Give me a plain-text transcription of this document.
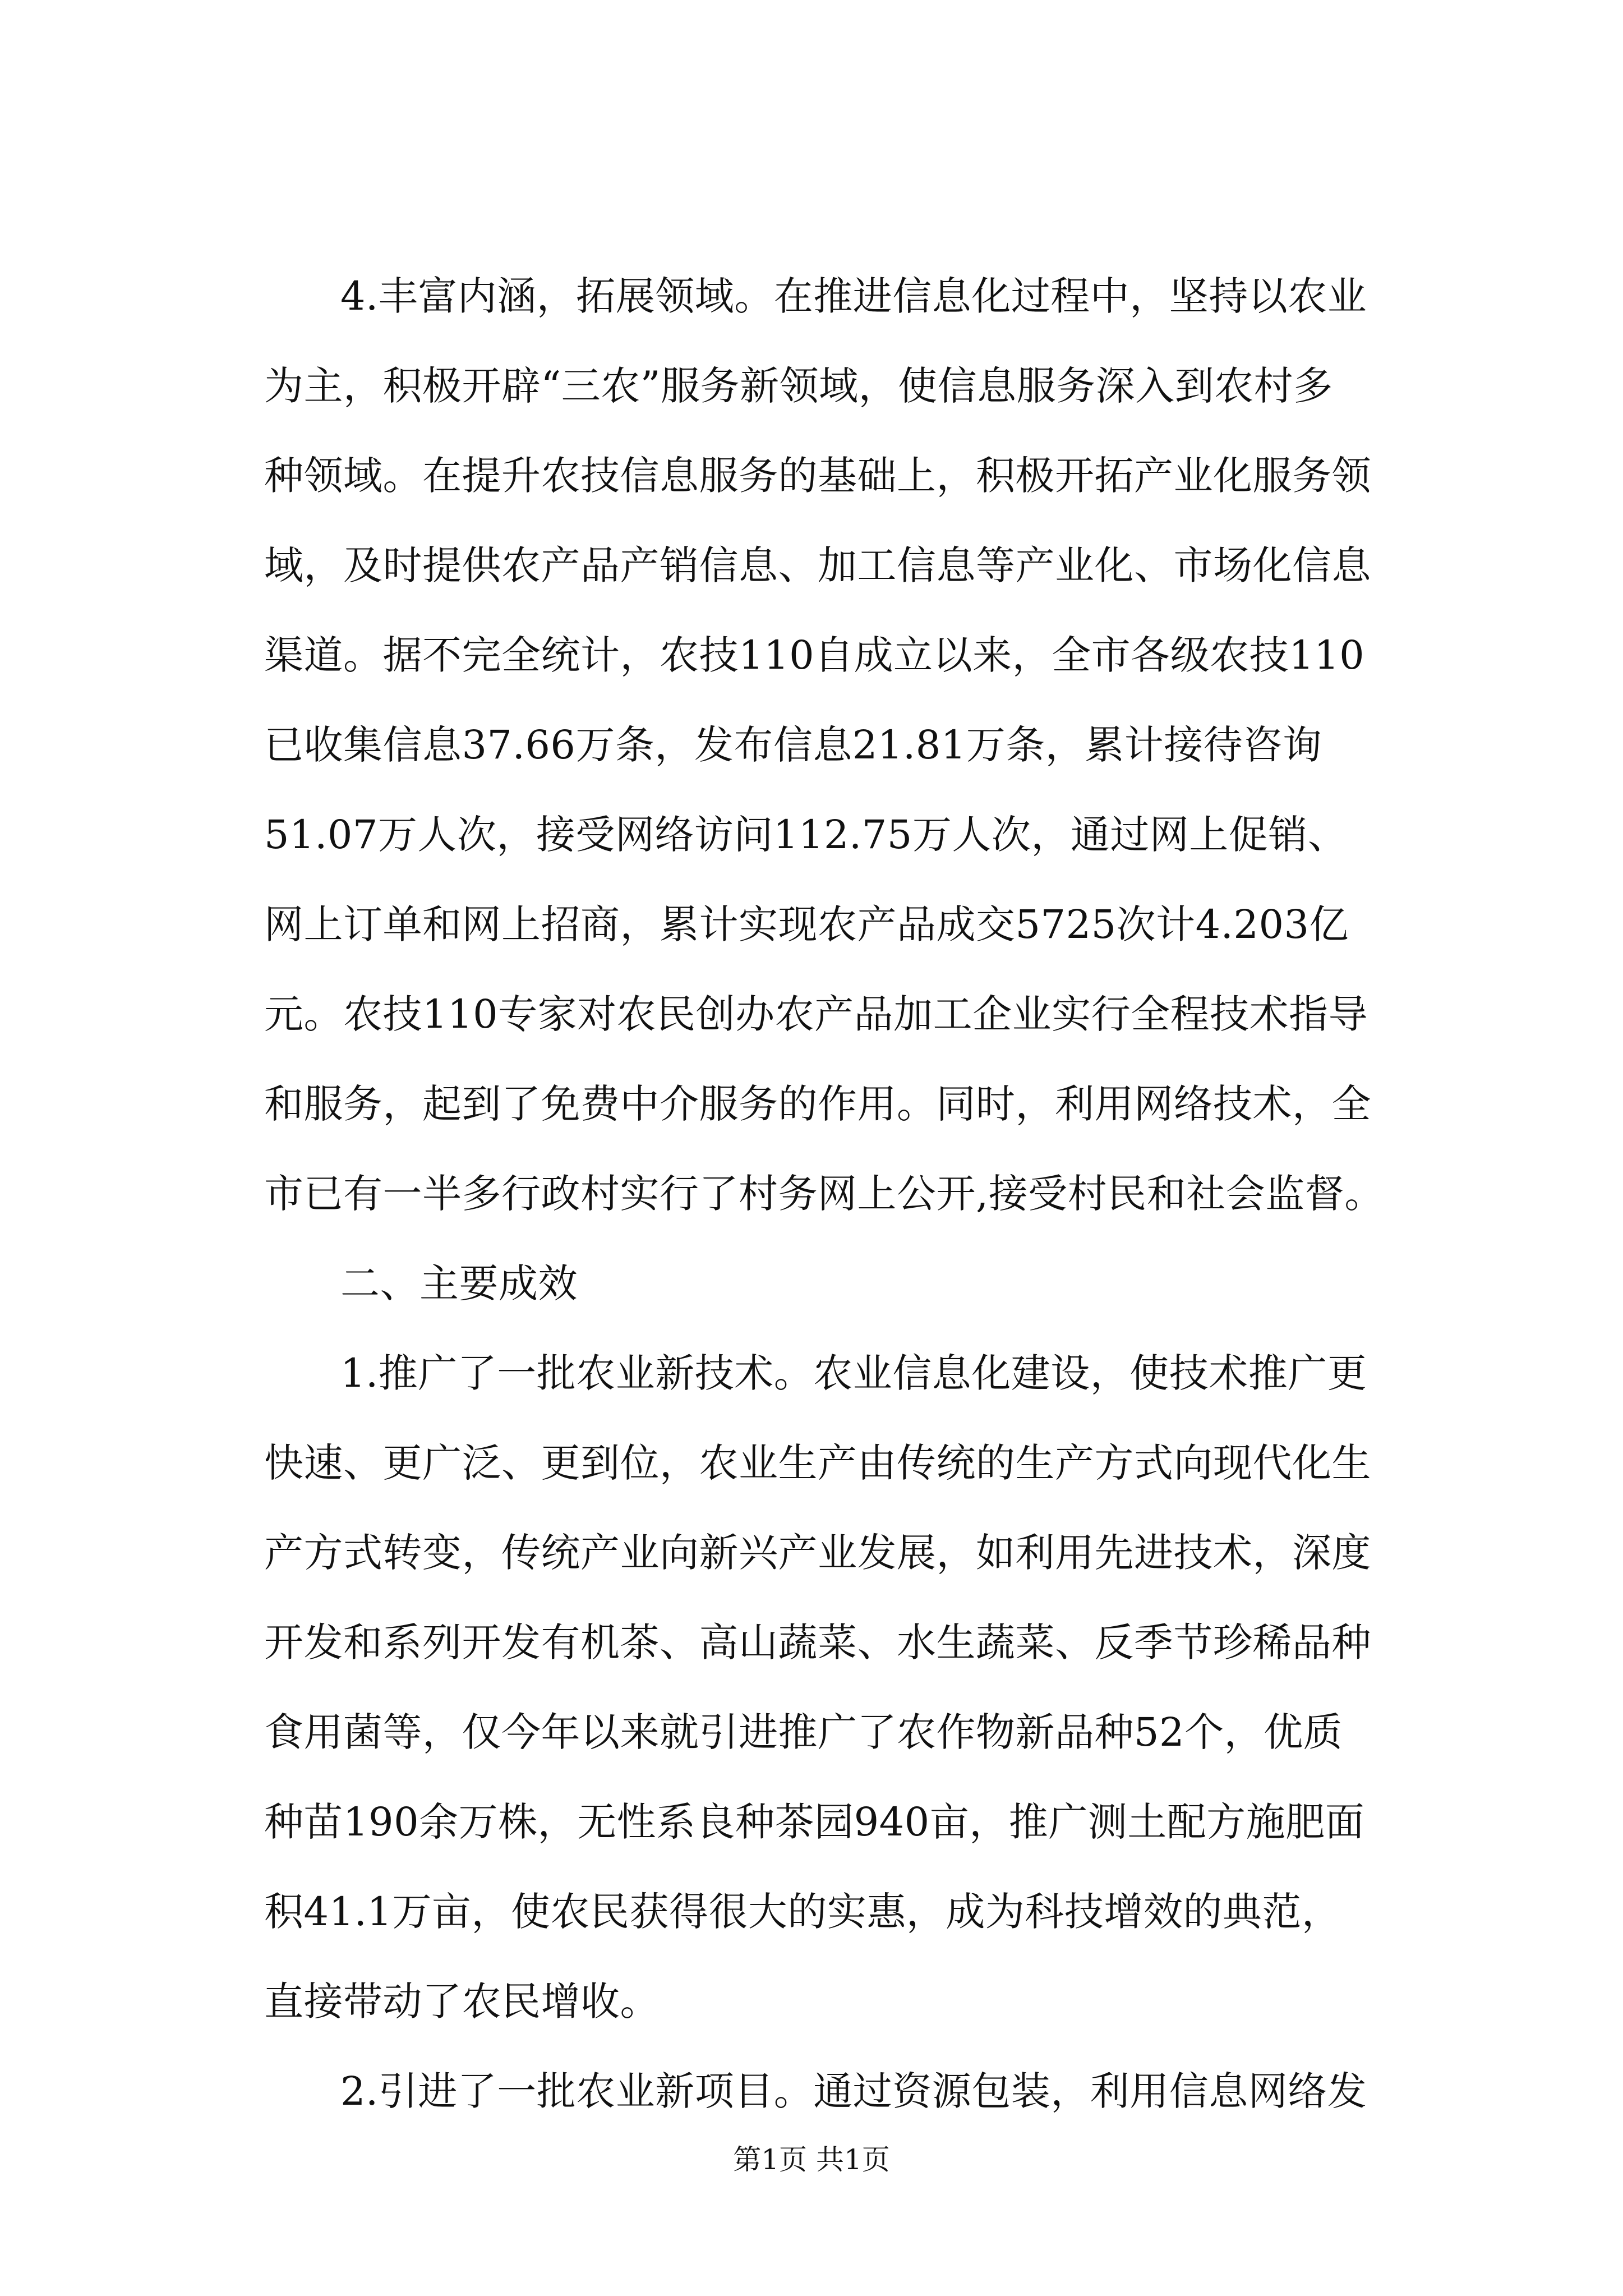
4.丰富内涵，拓展领域。在推进信息化过程中，坚持以农业
为主，积极开辟“三农”服务新领域，使信息服务深入到农村多
种领域。在提升农技信息服务的基础上，积极开拓产业化服务领
域，及时提供农产品产销信息、加工信息等产业化、市场化信息
渠道。据不完全统计，农技110自成立以来，全市各级农技110
已收集信息37.66万条，发布信息21.81万条，累计接待咨询
51.07万人次，接受网络访问112.75万人次，通过网上促销、
网上订单和网上招商，累计实现农产品成交5725次计4.203亿
元。农技110专家对农民创办农产品加工企业实行全程技术指导
和服务，起到了免费中介服务的作用。同时，利用网络技术，全
市已有一半多行政村实行了村务网上公开,接受村民和社会监督。
二、主要成效
1.推广了一批农业新技术。农业信息化建设，使技术推广更
快速、更广泛、更到位，农业生产由传统的生产方式向现代化生
产方式转变，传统产业向新兴产业发展，如利用先进技术，深度
开发和系列开发有机茶、高山蔬菜、水生蔬菜、反季节珍稀品种
食用菌等，仅今年以来就引进推广了农作物新品种52个，优质
种苗190余万株，无性系良种茶园940亩，推广测土配方施肥面
积41.1万亩，使农民获得很大的实惠，成为科技增效的典范，
直接带动了农民增收。
2.引进了一批农业新项目。通过资源包装，利用信息网络发
第1页 共1页
